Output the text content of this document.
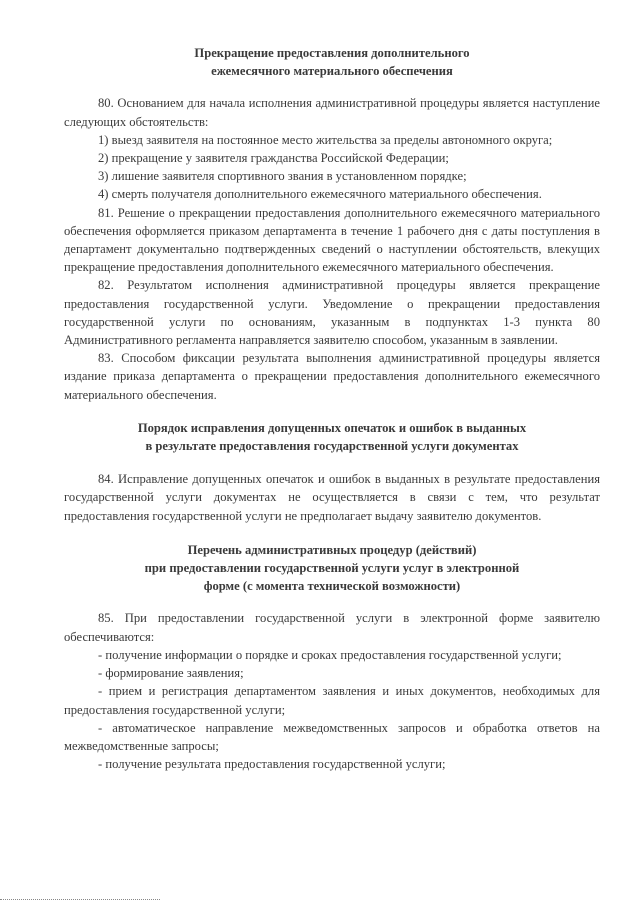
Прекращение предоставления дополнительного
ежемесячного материального обеспечения

80. Основанием для начала исполнения административной процедуры является наступление следующих обстоятельств:

1) выезд заявителя на постоянное место жительства за пределы автономного округа;

2) прекращение у заявителя гражданства Российской Федерации;

3) лишение заявителя спортивного звания в установленном порядке;

4) смерть получателя дополнительного ежемесячного материального обеспечения.

81. Решение о прекращении предоставления дополнительного ежемесячного материального обеспечения оформляется приказом департамента в течение 1 рабочего дня с даты поступления в департамент документально подтвержденных сведений о наступлении обстоятельств, влекущих прекращение предоставления дополнительного ежемесячного материального обеспечения.

82. Результатом исполнения административной процедуры является прекращение предоставления государственной услуги. Уведомление о прекращении предоставления государственной услуги по основаниям, указанным в подпунктах 1-3 пункта 80 Административного регламента направляется заявителю способом, указанным в заявлении.

83. Способом фиксации результата выполнения административной процедуры является издание приказа департамента о прекращении предоставления дополнительного ежемесячного материального обеспечения.

Порядок исправления допущенных опечаток и ошибок в выданных
в результате предоставления государственной услуги документах

84. Исправление допущенных опечаток и ошибок в выданных в результате предоставления государственной услуги документах не осуществляется в связи с тем, что результат предоставления государственной услуги не предполагает выдачу заявителю документов.

Перечень административных процедур (действий)
при предоставлении государственной услуги услуг в электронной
форме (с момента технической возможности)

85. При предоставлении государственной услуги в электронной форме заявителю обеспечиваются:

- получение информации о порядке и сроках предоставления государственной услуги;

- формирование заявления;

- прием и регистрация департаментом заявления и иных документов, необходимых для предоставления государственной услуги;

- автоматическое направление межведомственных запросов и обработка ответов на межведомственные запросы;

- получение результата предоставления государственной услуги;
